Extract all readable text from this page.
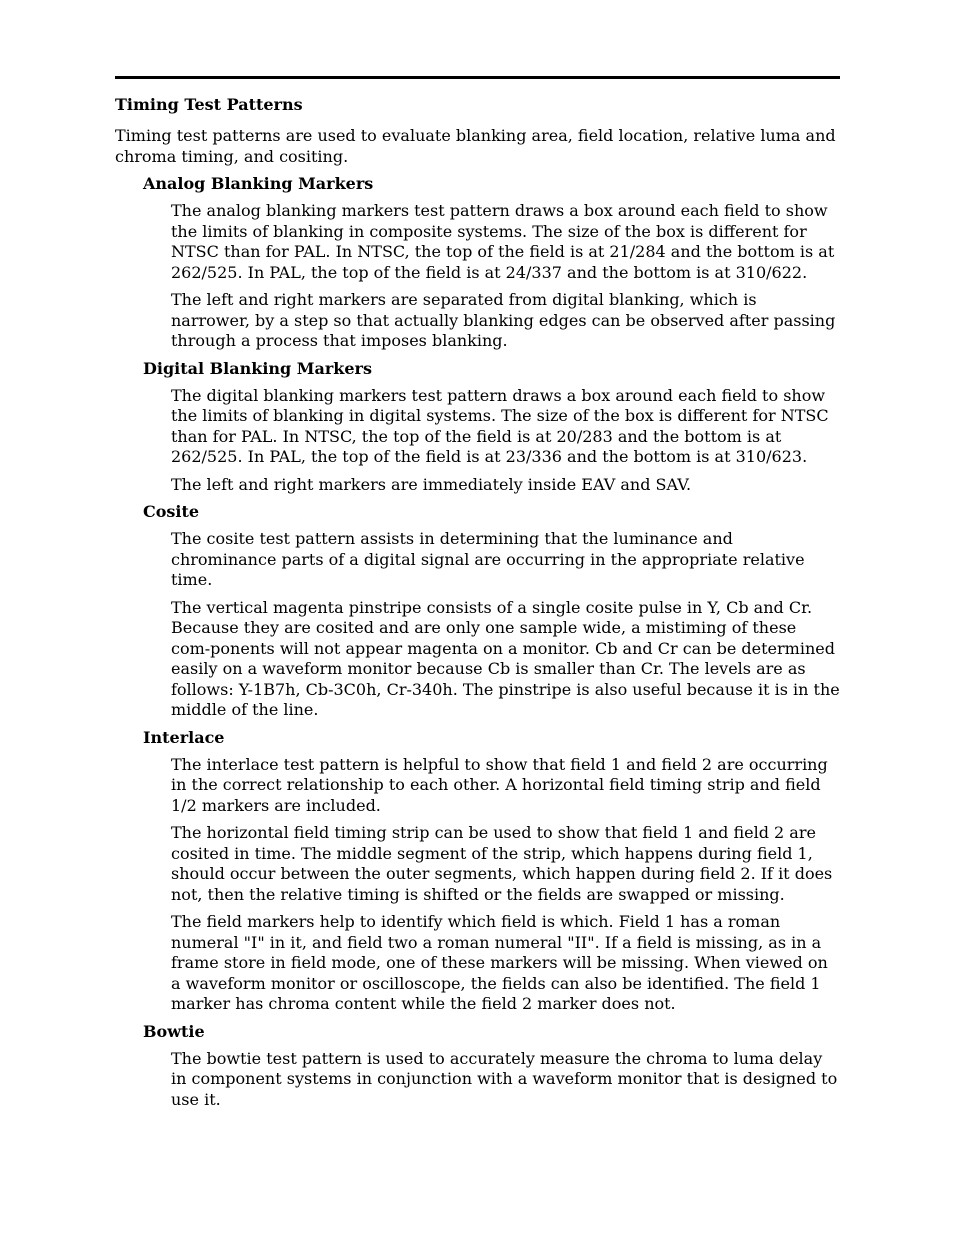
Timing Test Patterns
Timing test patterns are used to evaluate blanking area, field location, relative luma and chroma timing, and cositing.
Analog Blanking Markers
The analog blanking markers test pattern draws a box around each field to show the limits of blanking in composite systems. The size of the box is different for NTSC than for PAL. In NTSC, the top of the field is at 21/284 and the bottom is at 262/525. In PAL, the top of the field is at 24/337 and the bottom is at 310/622.
The left and right markers are separated from digital blanking, which is narrower, by a step so that actually blanking edges can be observed after passing through a process that imposes blanking.
Digital Blanking Markers
The digital blanking markers test pattern draws a box around each field to show the limits of blanking in digital systems. The size of the box is different for NTSC than for PAL. In NTSC, the top of the field is at 20/283 and the bottom is at 262/525. In PAL, the top of the field is at 23/336 and the bottom is at 310/623.
The left and right markers are immediately inside EAV and SAV.
Cosite
The cosite test pattern assists in determining that the luminance and chrominance parts of a digital signal are occurring in the appropriate relative time.
The vertical magenta pinstripe consists of a single cosite pulse in Y, Cb and Cr. Because they are cosited and are only one sample wide, a mistiming of these com-ponents will not appear magenta on a monitor. Cb and Cr can be determined easily on a waveform monitor because Cb is smaller than Cr. The levels are as follows: Y-1B7h, Cb-3C0h, Cr-340h. The pinstripe is also useful because it is in the middle of the line.
Interlace
The interlace test pattern is helpful to show that field 1 and field 2 are occurring in the correct relationship to each other. A horizontal field timing strip and field 1/2 markers are included.
The horizontal field timing strip can be used to show that field 1 and field 2 are cosited in time. The middle segment of the strip, which happens during field 1, should occur between the outer segments, which happen during field 2. If it does not, then the relative timing is shifted or the fields are swapped or missing.
The field markers help to identify which field is which. Field 1 has a roman numeral "I" in it, and field two a roman numeral "II". If a field is missing, as in a frame store in field mode, one of these markers will be missing. When viewed on a waveform monitor or oscilloscope, the fields can also be identified. The field 1 marker has chroma content while the field 2 marker does not.
Bowtie
The bowtie test pattern is used to accurately measure the chroma to luma delay in component systems in conjunction with a waveform monitor that is designed to use it.
